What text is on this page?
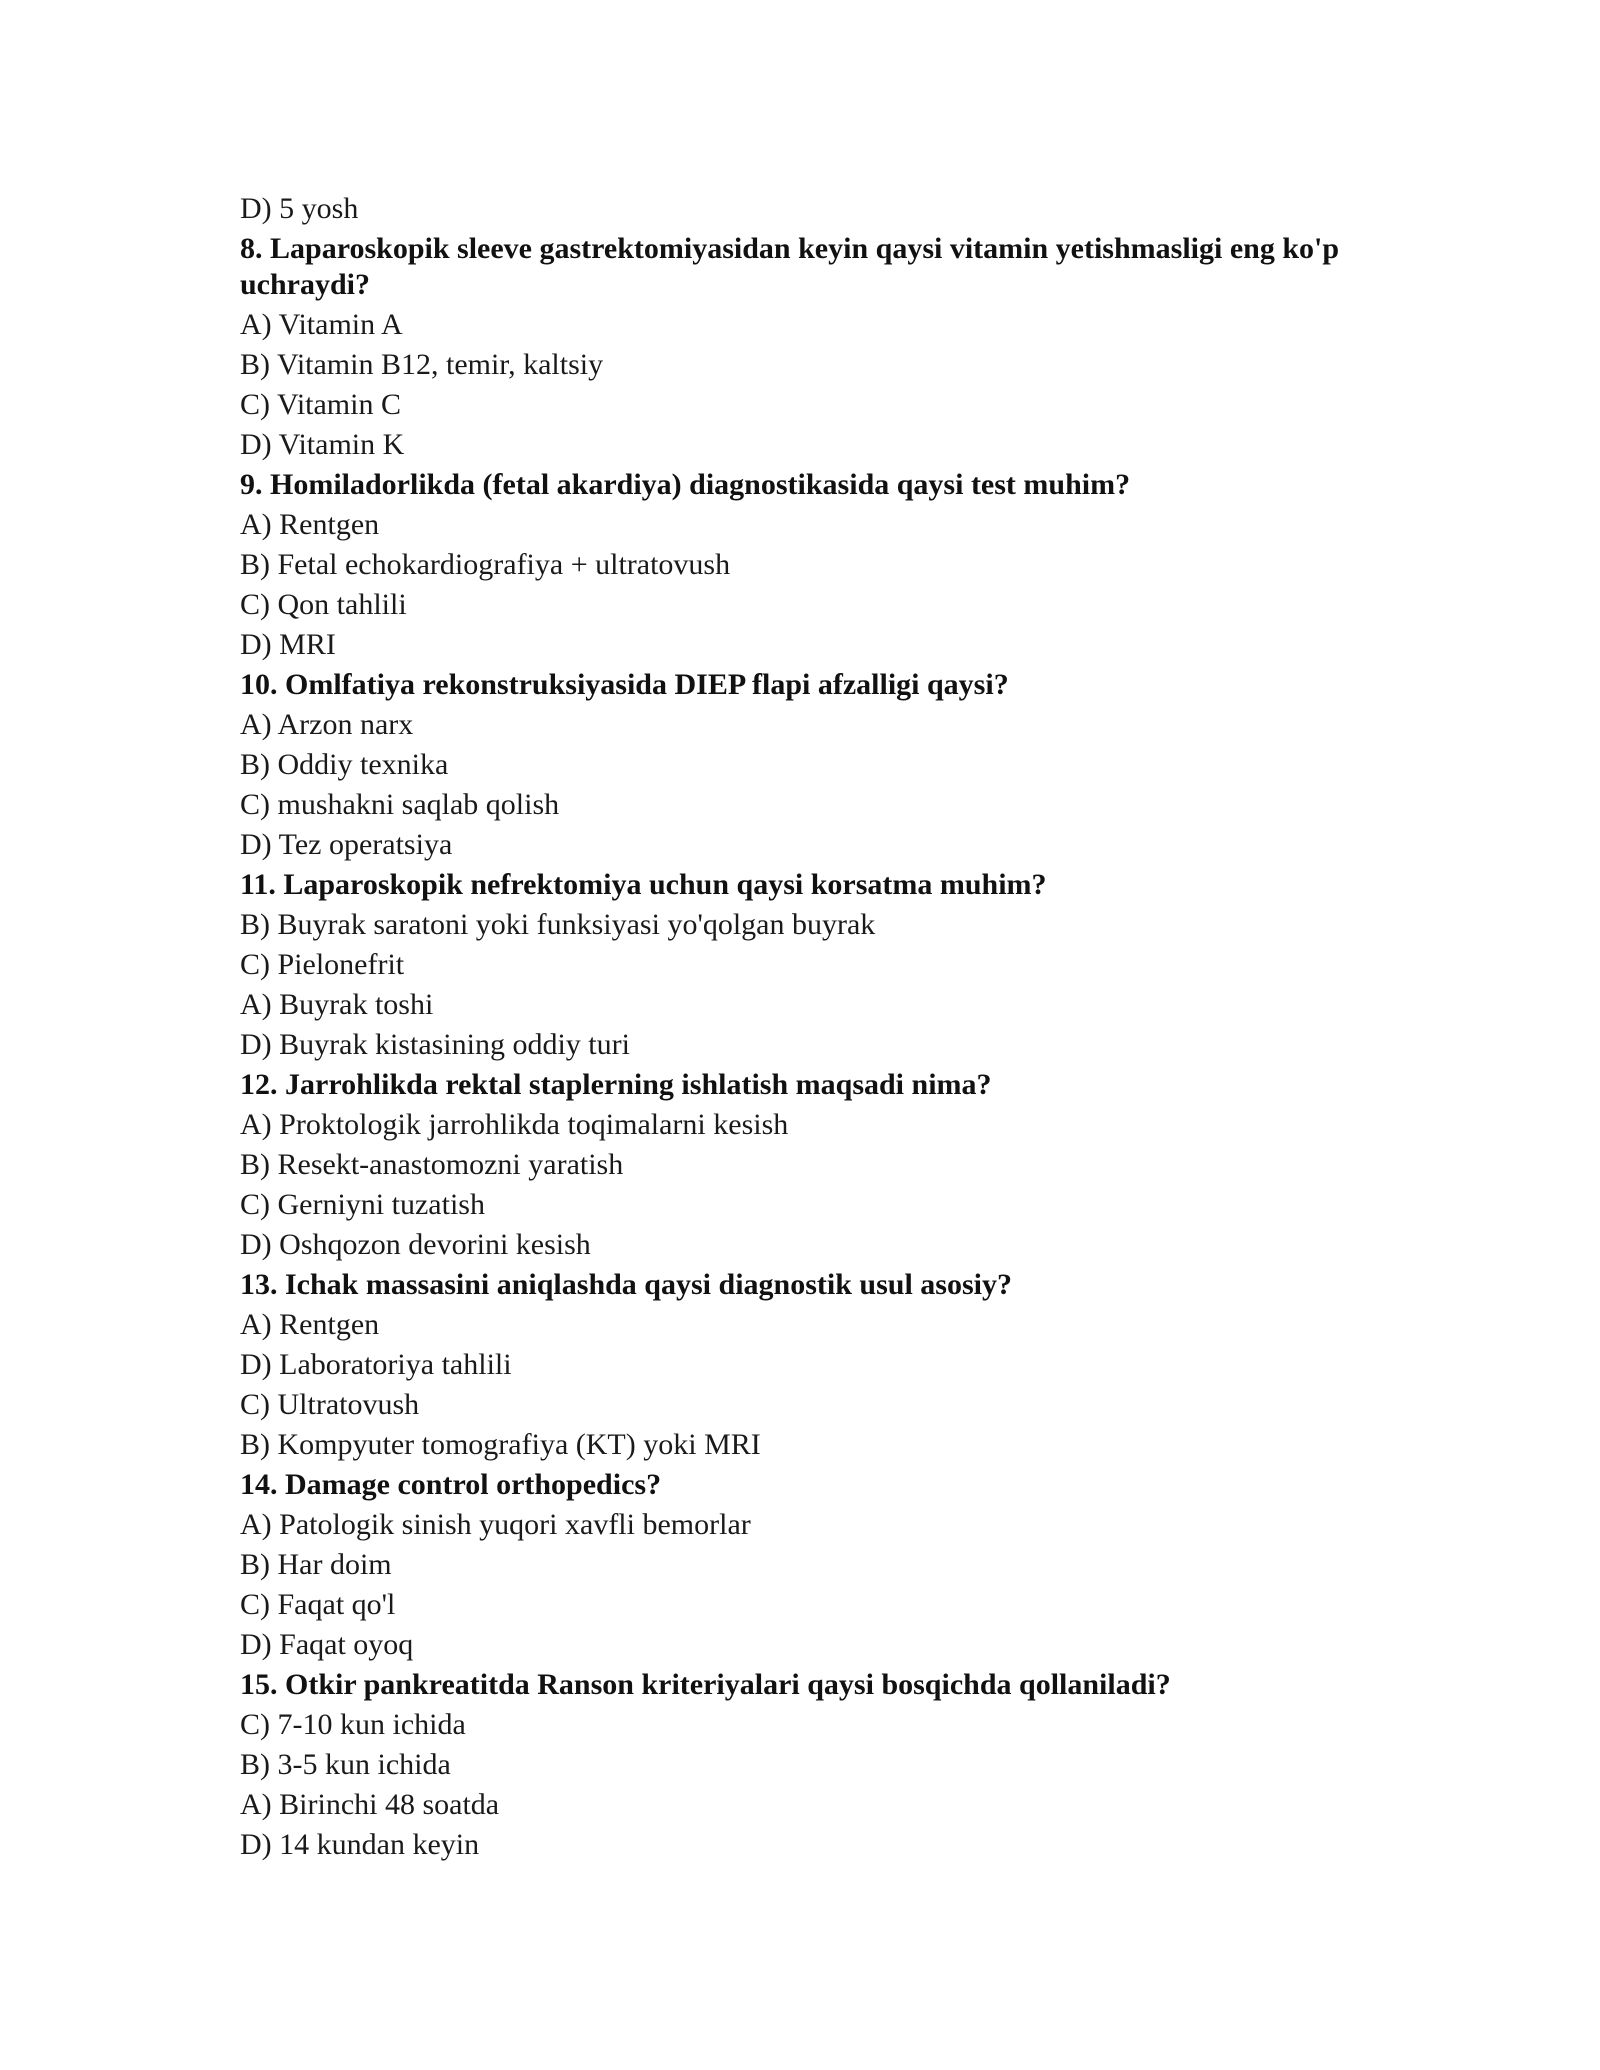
D) 5 yosh

8. Laparoskopik sleeve gastrektomiyasidan keyin qaysi vitamin yetishmasligi eng ko'p
uchraydi?

A) Vitamin A

B) Vitamin B12, temir, kaltsiy

C) Vitamin C

D) Vitamin K

9. Homiladorlikda (fetal akardiya) diagnostikasida qaysi test muhim?

A) Rentgen

B) Fetal echokardiografiya + ultratovush

C) Qon tahlili

D) MRI

10. Omlfatiya rekonstruksiyasida DIEP flapi afzalligi qaysi?

A) Arzon narx

B) Oddiy texnika

C) mushakni saqlab qolish

D) Tez operatsiya

11. Laparoskopik nefrektomiya uchun qaysi korsatma muhim?

B) Buyrak saratoni yoki funksiyasi yo'qolgan buyrak

C) Pielonefrit

A) Buyrak toshi

D) Buyrak kistasining oddiy turi

12. Jarrohlikda rektal staplerning ishlatish maqsadi nima?

A) Proktologik jarrohlikda toqimalarni kesish

B) Resekt-anastomozni yaratish

C) Gerniyni tuzatish

D) Oshqozon devorini kesish

13. Ichak massasini aniqlashda qaysi diagnostik usul asosiy?

A) Rentgen

D) Laboratoriya tahlili

C) Ultratovush

B) Kompyuter tomografiya (KT) yoki MRI

14. Damage control orthopedics?

A) Patologik sinish yuqori xavfli bemorlar

B) Har doim

C) Faqat qo'l

D) Faqat oyoq

15. Otkir pankreatitda Ranson kriteriyalari qaysi bosqichda qollaniladi?

C) 7-10 kun ichida

B) 3-5 kun ichida

A) Birinchi 48 soatda

D) 14 kundan keyin
